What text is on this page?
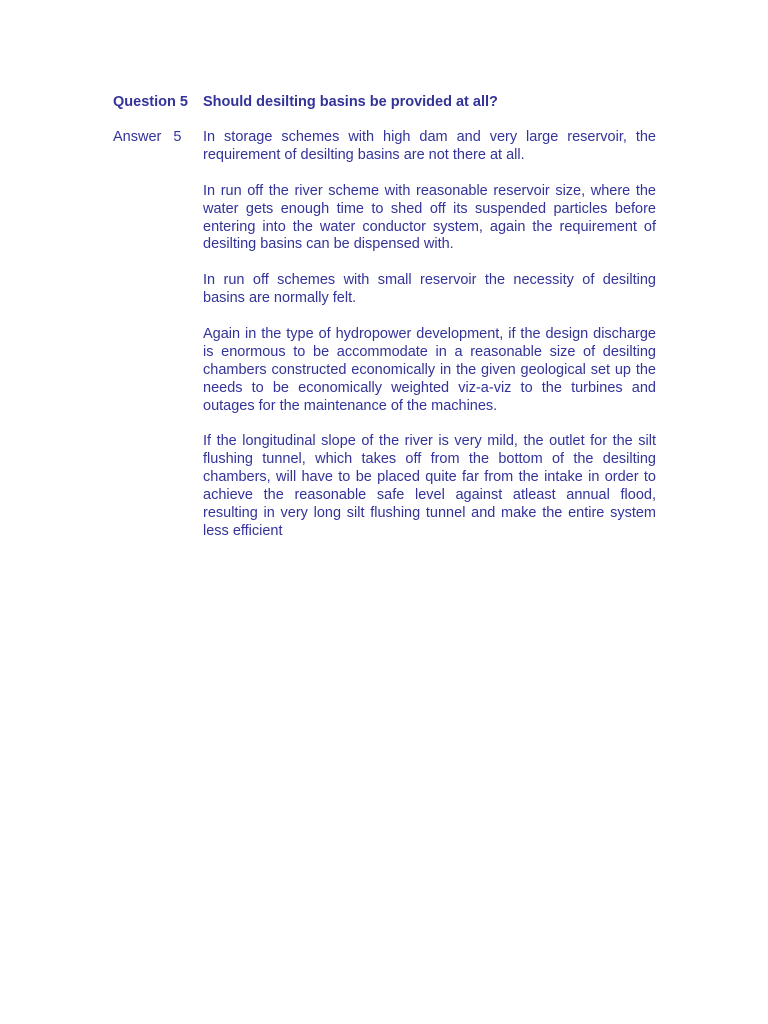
Question 5	Should desilting basins be provided at all?
Answer   5	In storage schemes with high dam and very large reservoir, the requirement of desilting basins are not there at all.

In run off the river scheme with reasonable reservoir size, where the water gets enough time to shed off its suspended particles before entering into the water conductor system, again the requirement of desilting basins can be dispensed with.

In run off schemes with small reservoir the necessity of desilting basins are normally felt.

Again in the type of hydropower development, if the design discharge is enormous to be accommodate in a reasonable size of desilting chambers constructed economically in the given geological set up the needs to be economically weighted viz-a-viz to the turbines and outages for the maintenance of the machines.

If the longitudinal slope of the river is very mild, the outlet for the silt flushing tunnel, which takes off from the bottom of the desilting chambers, will have to be placed quite far from the intake in order to achieve the reasonable safe level against atleast annual flood, resulting in very long silt flushing tunnel and make the entire system less efficient
